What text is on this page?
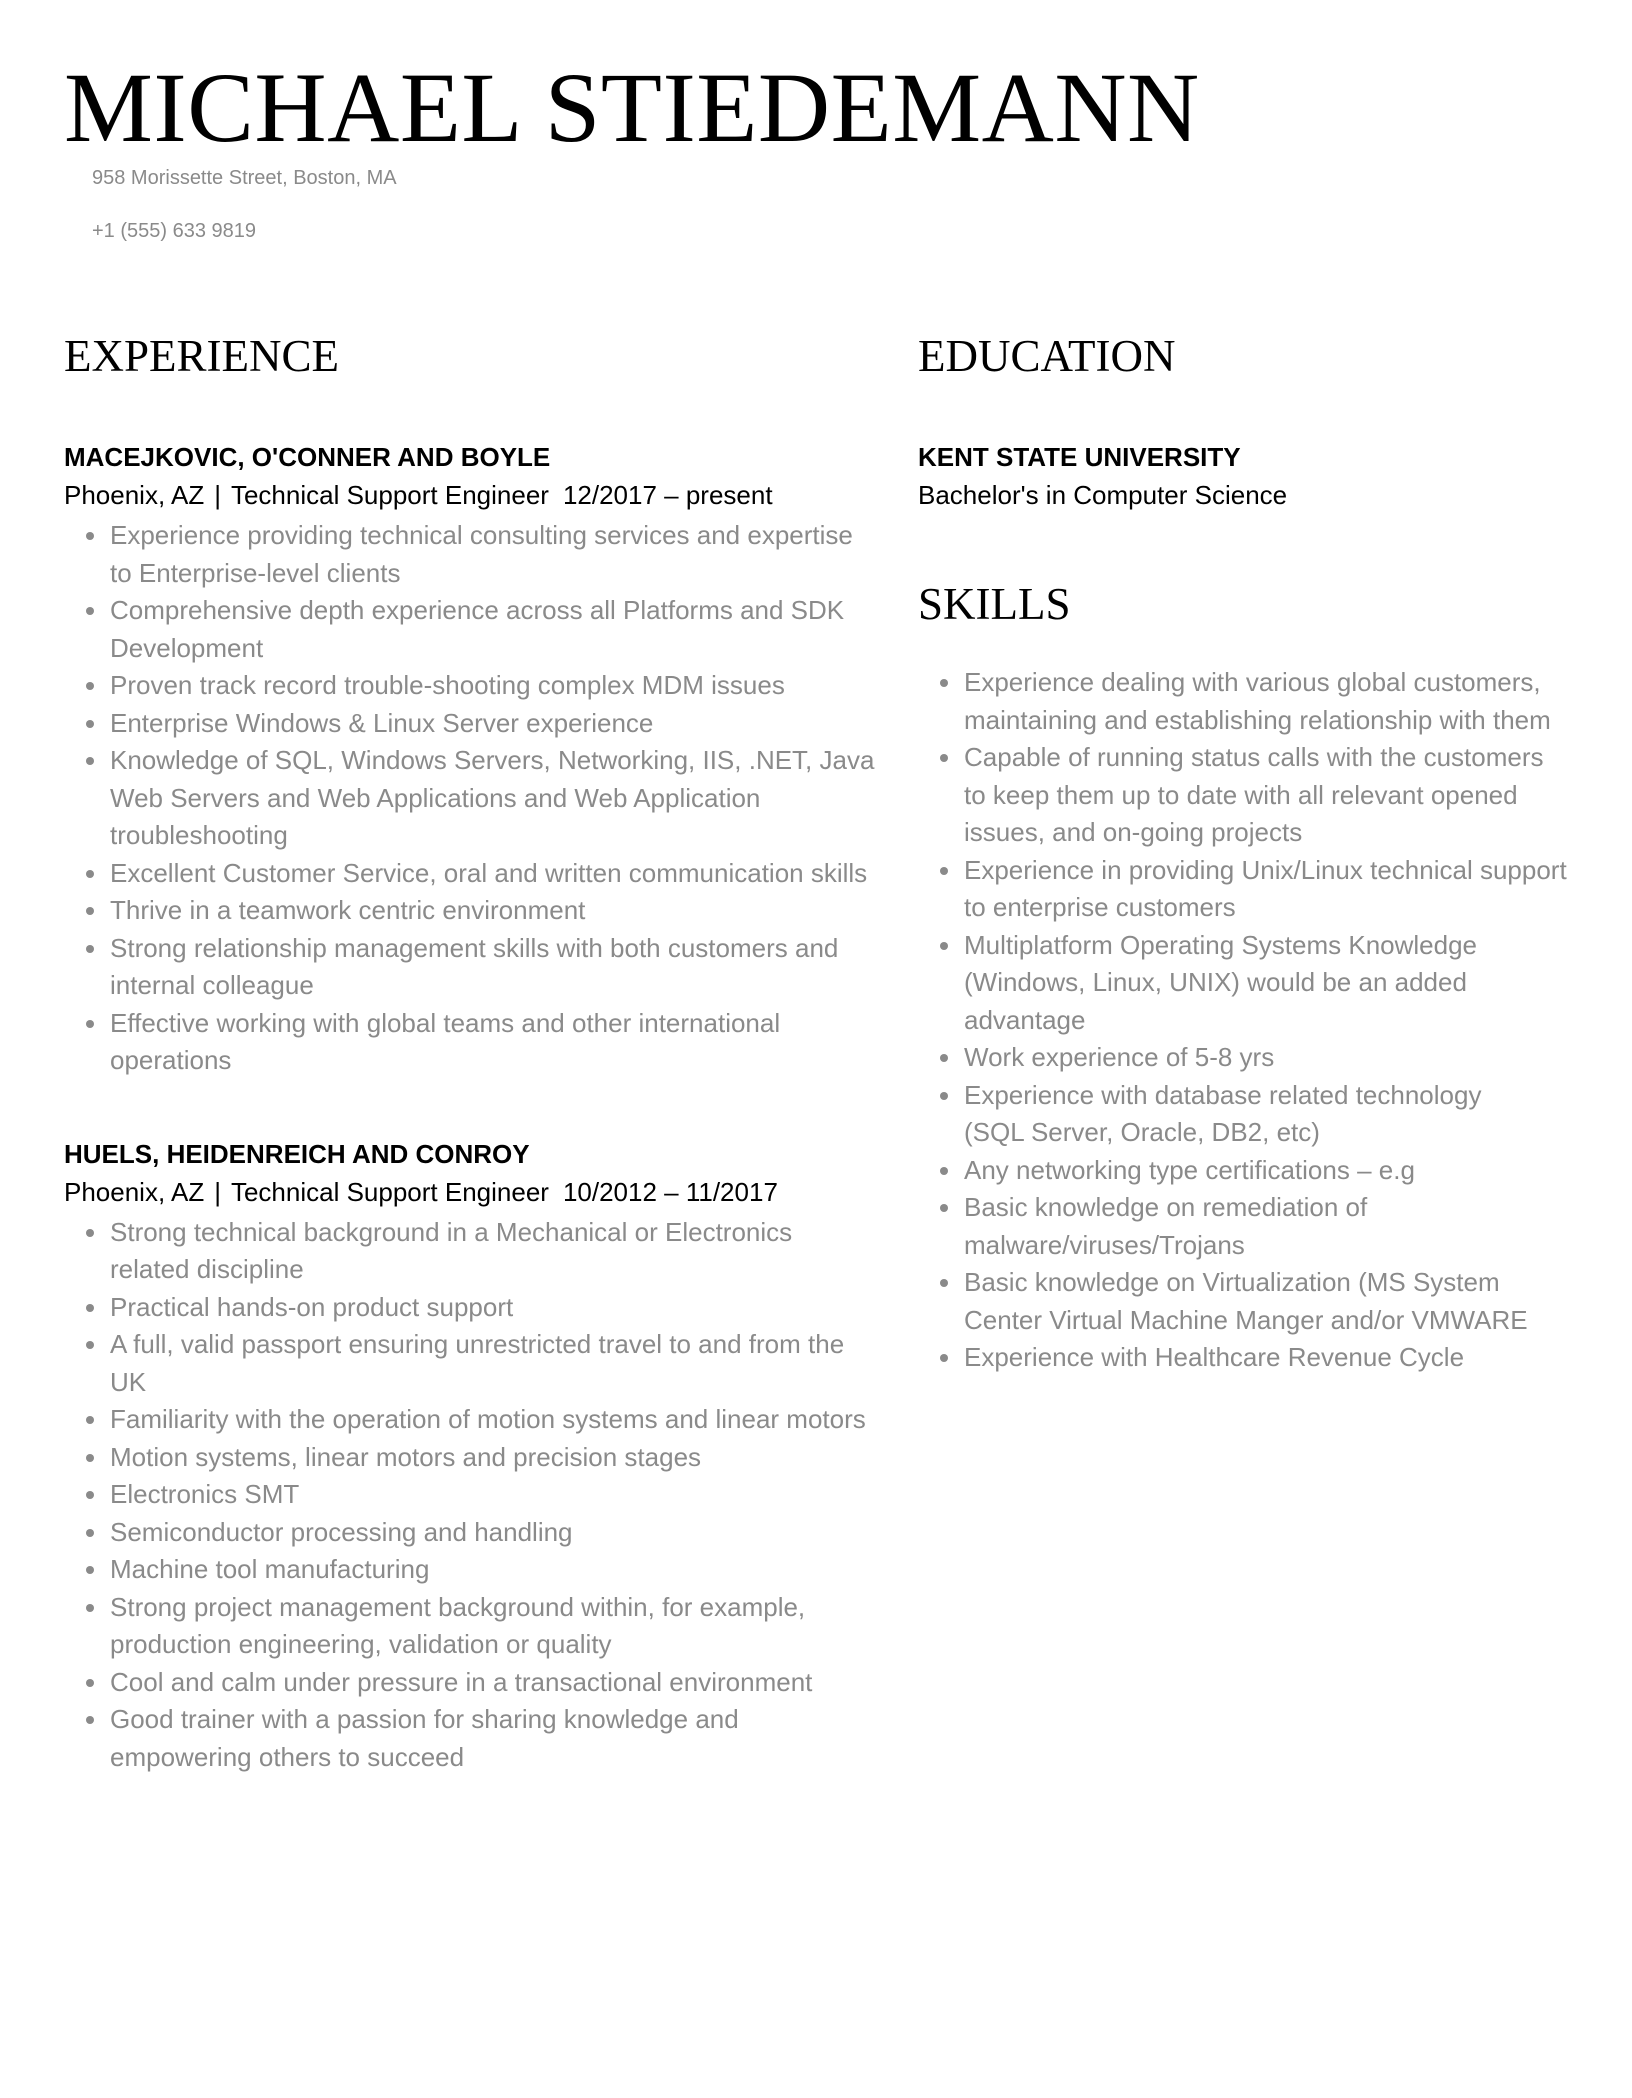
MICHAEL STIEDEMANN
958 Morissette Street, Boston, MA
+1 (555) 633 9819
EXPERIENCE

MACEJKOVIC, O'CONNER AND BOYLE

Phoenix, AZ | Technical Support Engineer 12/2017 – present

Experience providing technical consulting services and expertise to Enterprise-level clients
Comprehensive depth experience across all Platforms and SDK Development
Proven track record trouble-shooting complex MDM issues
Enterprise Windows & Linux Server experience
Knowledge of SQL, Windows Servers, Networking, IIS, .NET, Java Web Servers and Web Applications and Web Application troubleshooting
Excellent Customer Service, oral and written communication skills
Thrive in a teamwork centric environment
Strong relationship management skills with both customers and internal colleague
Effective working with global teams and other international operations

HUELS, HEIDENREICH AND CONROY

Phoenix, AZ | Technical Support Engineer 10/2012 – 11/2017

Strong technical background in a Mechanical or Electronics related discipline
Practical hands-on product support
A full, valid passport ensuring unrestricted travel to and from the UK
Familiarity with the operation of motion systems and linear motors
Motion systems, linear motors and precision stages
Electronics SMT
Semiconductor processing and handling
Machine tool manufacturing
Strong project management background within, for example, production engineering, validation or quality
Cool and calm under pressure in a transactional environment
Good trainer with a passion for sharing knowledge and empowering others to succeed
EDUCATION

KENT STATE UNIVERSITY

Bachelor's in Computer Science

SKILLS
Experience dealing with various global customers, maintaining and establishing relationship with them
Capable of running status calls with the customers to keep them up to date with all relevant opened issues, and on-going projects
Experience in providing Unix/Linux technical support to enterprise customers
Multiplatform Operating Systems Knowledge (Windows, Linux, UNIX) would be an added advantage
Work experience of 5-8 yrs
Experience with database related technology (SQL Server, Oracle, DB2, etc)
Any networking type certifications – e.g
Basic knowledge on remediation of malware/viruses/Trojans
Basic knowledge on Virtualization (MS System Center Virtual Machine Manger and/or VMWARE
Experience with Healthcare Revenue Cycle
